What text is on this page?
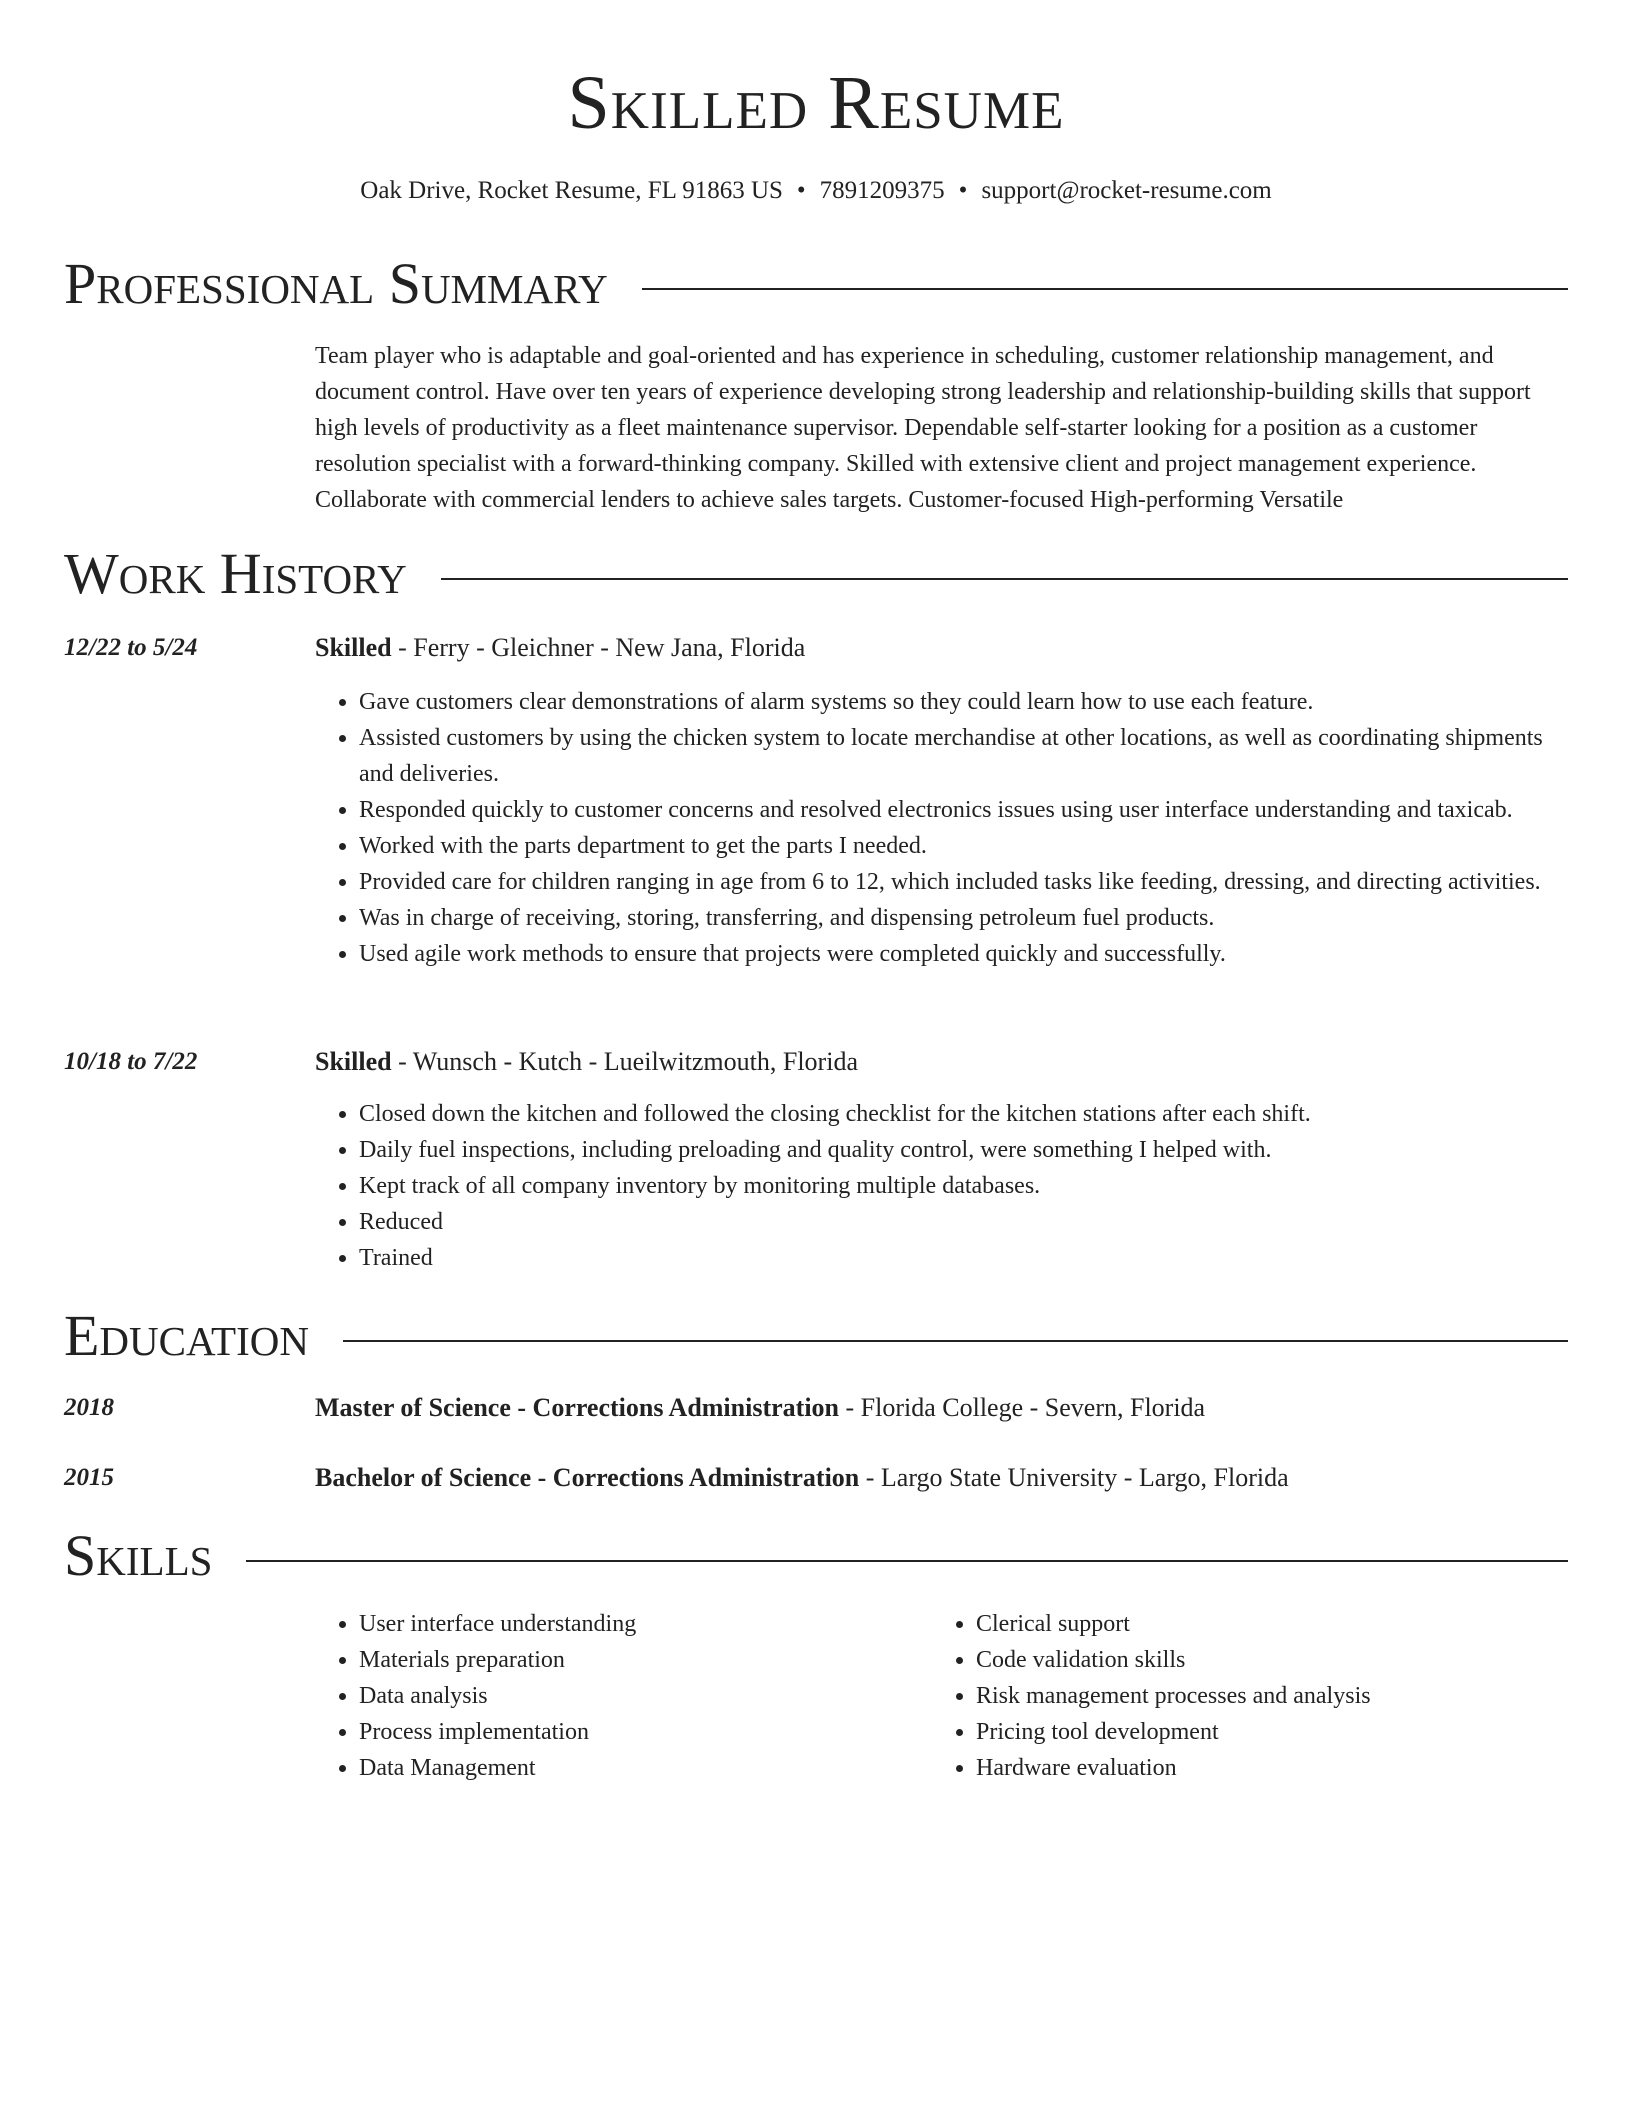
Skilled Resume
Oak Drive, Rocket Resume, FL 91863 US • 7891209375 • support@rocket-resume.com
Professional Summary

Team player who is adaptable and goal-oriented and has experience in scheduling, customer relationship management, and document control. Have over ten years of experience developing strong leadership and relationship-building skills that support high levels of productivity as a fleet maintenance supervisor. Dependable self-starter looking for a position as a customer resolution specialist with a forward-thinking company. Skilled with extensive client and project management experience. Collaborate with commercial lenders to achieve sales targets. Customer-focused High-performing Versatile

Work History
12/22 to 5/24	Skilled - Ferry - Gleichner - New Jana, Florida
• Gave customers clear demonstrations of alarm systems so they could learn how to use each feature.
• Assisted customers by using the chicken system to locate merchandise at other locations, as well as coordinating shipments and deliveries.
• Responded quickly to customer concerns and resolved electronics issues using user interface understanding and taxicab.
• Worked with the parts department to get the parts I needed.
• Provided care for children ranging in age from 6 to 12, which included tasks like feeding, dressing, and directing activities.
• Was in charge of receiving, storing, transferring, and dispensing petroleum fuel products.
• Used agile work methods to ensure that projects were completed quickly and successfully.
10/18 to 7/22	Skilled - Wunsch - Kutch - Lueilwitzmouth, Florida
• Closed down the kitchen and followed the closing checklist for the kitchen stations after each shift.
• Daily fuel inspections, including preloading and quality control, were something I helped with.
• Kept track of all company inventory by monitoring multiple databases.
• Reduced
• Trained
Education
2018	Master of Science - Corrections Administration - Florida College - Severn, Florida
2015	Bachelor of Science - Corrections Administration - Largo State University - Largo, Florida
Skills
• User interface understanding
• Materials preparation
• Data analysis
• Process implementation
• Data Management
• Clerical support
• Code validation skills
• Risk management processes and analysis
• Pricing tool development
• Hardware evaluation
